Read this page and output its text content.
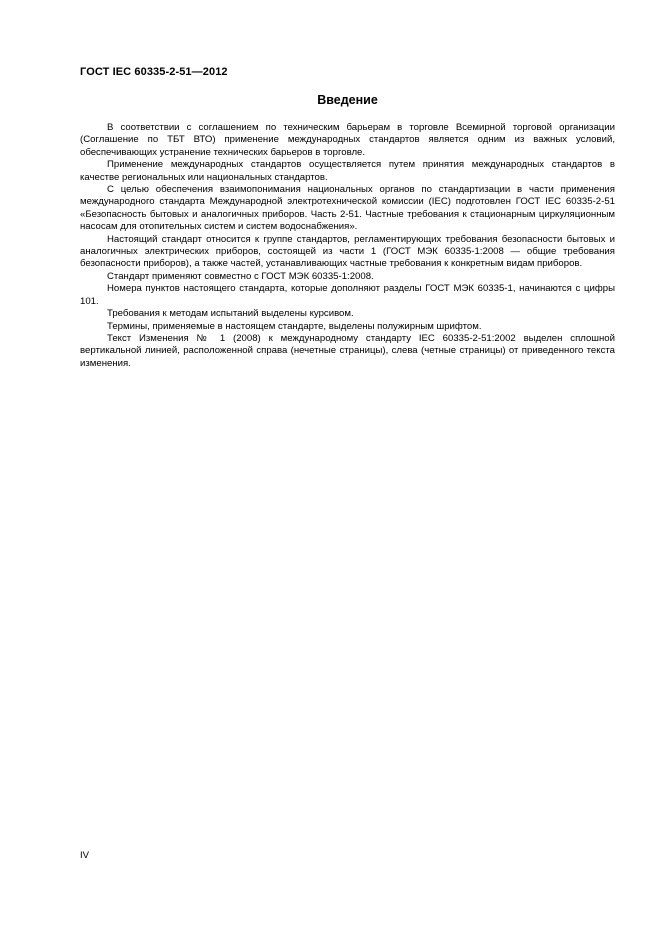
ГОСТ IEC 60335-2-51—2012
Введение

В соответствии с соглашением по техническим барьерам в торговле Всемирной торговой организации (Соглашение по ТБТ ВТО) применение международных стандартов является одним из важных условий, обеспечивающих устранение технических барьеров в торговле.

Применение международных стандартов осуществляется путем принятия международных стандартов в качестве региональных или национальных стандартов.

С целью обеспечения взаимопонимания национальных органов по стандартизации в части применения международного стандарта Международной электротехнической комиссии (IEC) подготовлен ГОСТ IEC 60335-2-51 «Безопасность бытовых и аналогичных приборов. Часть 2-51. Частные требования к стационарным циркуляционным насосам для отопительных систем и систем водоснабжения».

Настоящий стандарт относится к группе стандартов, регламентирующих требования безопасности бытовых и аналогичных электрических приборов, состоящей из части 1 (ГОСТ МЭК 60335-1:2008 — общие требования безопасности приборов), а также частей, устанавливающих частные требования к конкретным видам приборов.

Стандарт применяют совместно с ГОСТ МЭК 60335-1:2008.

Номера пунктов настоящего стандарта, которые дополняют разделы ГОСТ МЭК 60335-1, начинаются с цифры 101.

Требования к методам испытаний выделены курсивом.

Термины, применяемые в настоящем стандарте, выделены полужирным шрифтом.

Текст Изменения № 1 (2008) к международному стандарту IEC 60335-2-51:2002 выделен сплошной вертикальной линией, расположенной справа (нечетные страницы), слева (четные страницы) от приведенного текста изменения.

IV
